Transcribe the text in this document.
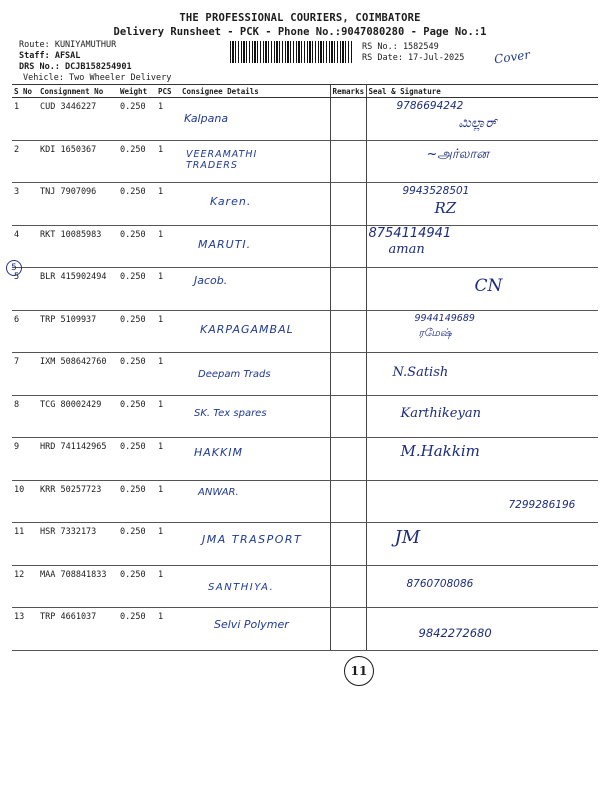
THE PROFESSIONAL COURIERS, COIMBATORE
Delivery Runsheet - PCK - Phone No.:9047080280 - Page No.:1
Route: KUNIYAMUTHUR
Staff: AFSAL
DRS No.: DCJB158254901
Vehicle: Two Wheeler Delivery
RS No.: 1582549
RS Date: 17-Jul-2025 Cover
S No	Consignment No	Weight	PCS	Consignee Details	Remarks	Seal & Signature
1	CUD 3446227	0.250	1	Kalpana		9786694242
ಮಿಲ್ಲಾರ್

2	KDI 1650367	0.250	1	VEERAMATHI TRADERS		~அர்லான

3	TNJ 7907096	0.250	1	Karen.		9943528501
RZ

4	RKT 10085983	0.250	1	MARUTI.		8754114941
aman

5	BLR 415902494	0.250	1	Jacob.		CN

6	TRP 5109937	0.250	1	KARPAGAMBAL		9944149689
ரமேஷ்

7	IXM 508642760	0.250	1	Deepam Trads		N.Satish

8	TCG 80002429	0.250	1	SK. Tex spares		Karthikeyan

9	HRD 741142965	0.250	1	HAKKIM		M.Hakkim

10	KRR 50257723	0.250	1	ANWAR.		7299286196

11	HSR 7332173	0.250	1	JMA TRASPORT		JM

12	MAA 708841833	0.250	1	SANTHIYA.		8760708086

13	TRP 4661037	0.250	1	Selvi Polymer		9842272680
5
11
